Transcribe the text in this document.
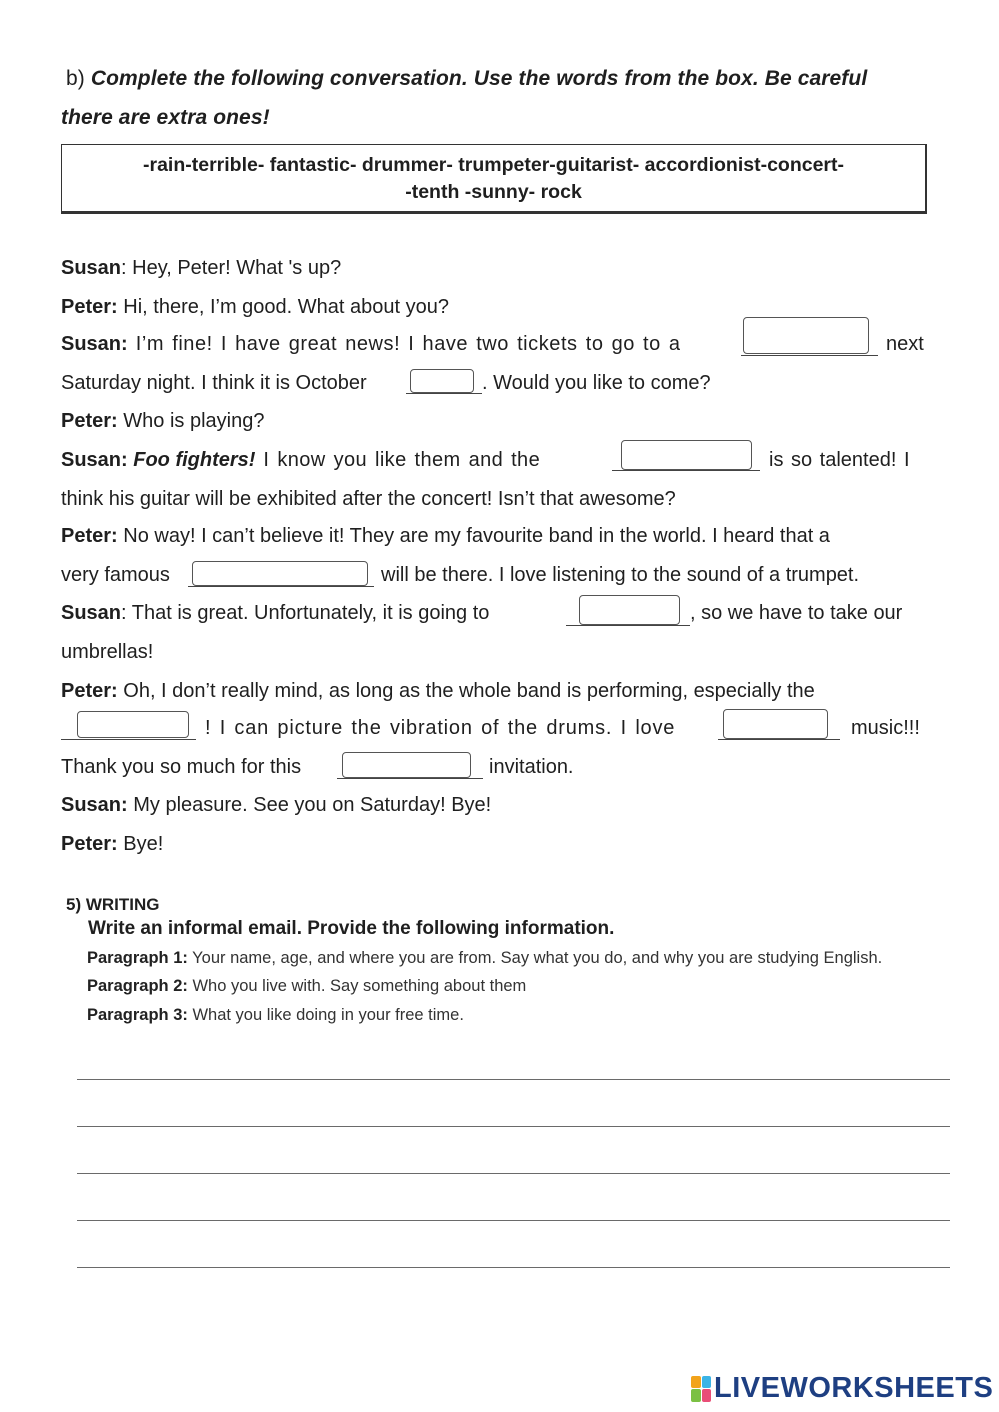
b) Complete the following conversation. Use the words from the box. Be careful
there are extra ones!
-rain-terrible- fantastic- drummer- trumpeter-guitarist- accordionist-concert-
-tenth -sunny- rock
Susan: Hey, Peter! What 's up?
Peter: Hi, there, I’m good. What about you?
Susan: I’m fine! I have great news! I have two tickets to go to a	next
Saturday night. I think it is October	. Would you like to come?
Peter: Who is playing?
Susan: Foo fighters! I know you like them and the	is so talented! I
think his guitar will be exhibited after the concert! Isn’t that awesome?
Peter: No way! I can’t believe it! They are my favourite band in the world. I heard that a
very famous	will be there. I love listening to the sound of a trumpet.
Susan: That is great. Unfortunately, it is going to	, so we have to take our
umbrellas!
Peter: Oh, I don’t really mind, as long as the whole band is performing, especially the
! I can picture the vibration of the drums. I love	music!!!
Thank you so much for this	invitation.
Susan: My pleasure. See you on Saturday! Bye!
Peter: Bye!
5) WRITING
Write an informal email. Provide the following information.
Paragraph 1: Your name, age, and where you are from. Say what you do, and why you are studying English.
Paragraph 2: Who you live with. Say something about them
Paragraph 3: What you like doing in your free time.
LIVEWORKSHEETS
